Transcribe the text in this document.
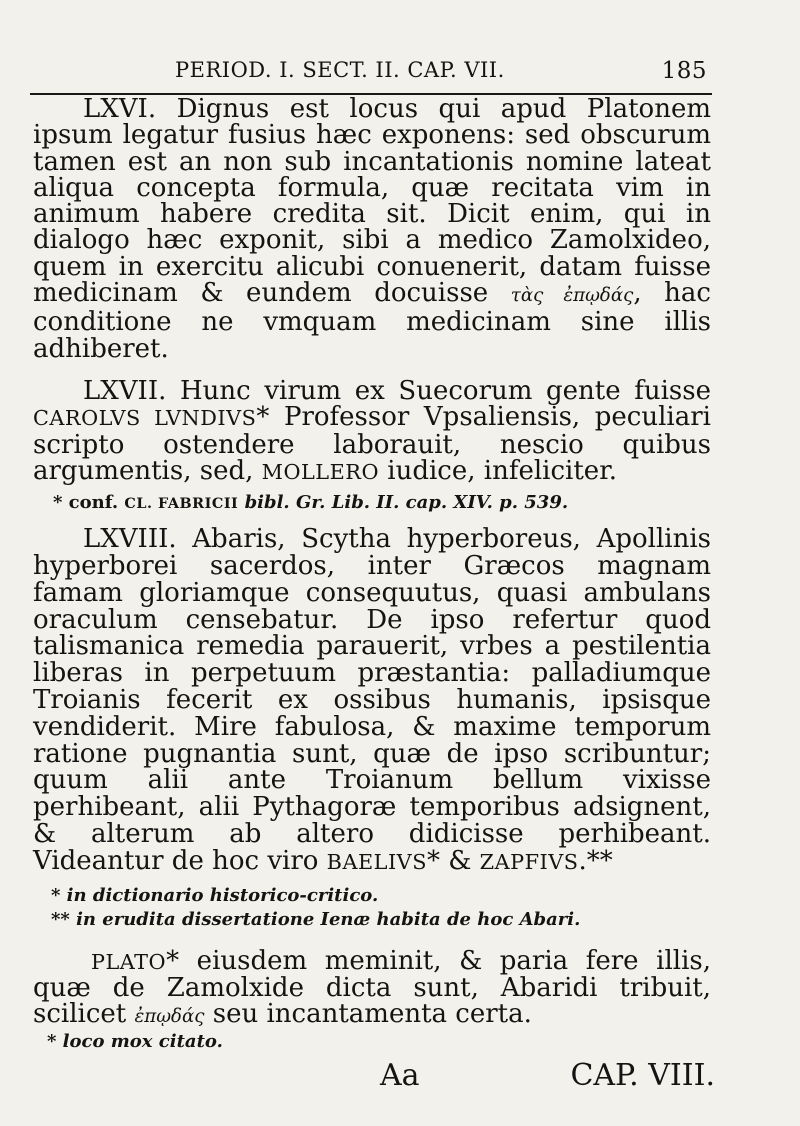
PERIOD. I. SECT. II. CAP. VII.	185

LXVI. Dignus est locus qui apud Platonem ipsum legatur fusius hæc exponens: sed obscurum tamen est an non sub incantationis nomine lateat aliqua concepta formula, quæ recitata vim in animum habere credita sit. Dicit enim, qui in dialogo hæc exponit, sibi a medico Zamolxideo, quem in exercitu alicubi conuenerit, datam fuisse medicinam & eundem docuisse τὰς ἐπῳδάς, hac conditione ne vmquam medicinam sine illis adhiberet.

LXVII. Hunc virum ex Suecorum gente fuisse CAROLVS LVNDIVS* Professor Vpsaliensis, peculiari scripto ostendere laborauit, nescio quibus argumentis, sed, MOLLERO iudice, infeliciter.

* conf. CL. FABRICII bibl. Gr. Lib. II. cap. XIV. p. 539.

LXVIII. Abaris, Scytha hyperboreus, Apollinis hyperborei sacerdos, inter Græcos magnam famam gloriamque consequutus, quasi ambulans oraculum censebatur. De ipso refertur quod talismanica remedia parauerit, vrbes a pestilentia liberas in perpetuum præstantia: palladiumque Troianis fecerit ex ossibus humanis, ipsisque vendiderit. Mire fabulosa, & maxime temporum ratione pugnantia sunt, quæ de ipso scribuntur; quum alii ante Troianum bellum vixisse perhibeant, alii Pythagoræ temporibus adsignent, & alterum ab altero didicisse perhibeant. Videantur de hoc viro BAELIVS* & ZAPFIVS.**

* in dictionario historico-critico.

** in erudita dissertatione Ienæ habita de hoc Abari.

PLATO* eiusdem meminit, & paria fere illis, quæ de Zamolxide dicta sunt, Abaridi tribuit, scilicet ἐπῳδάς seu incantamenta certa.

* loco mox citato.

Aa	CAP. VIII.
